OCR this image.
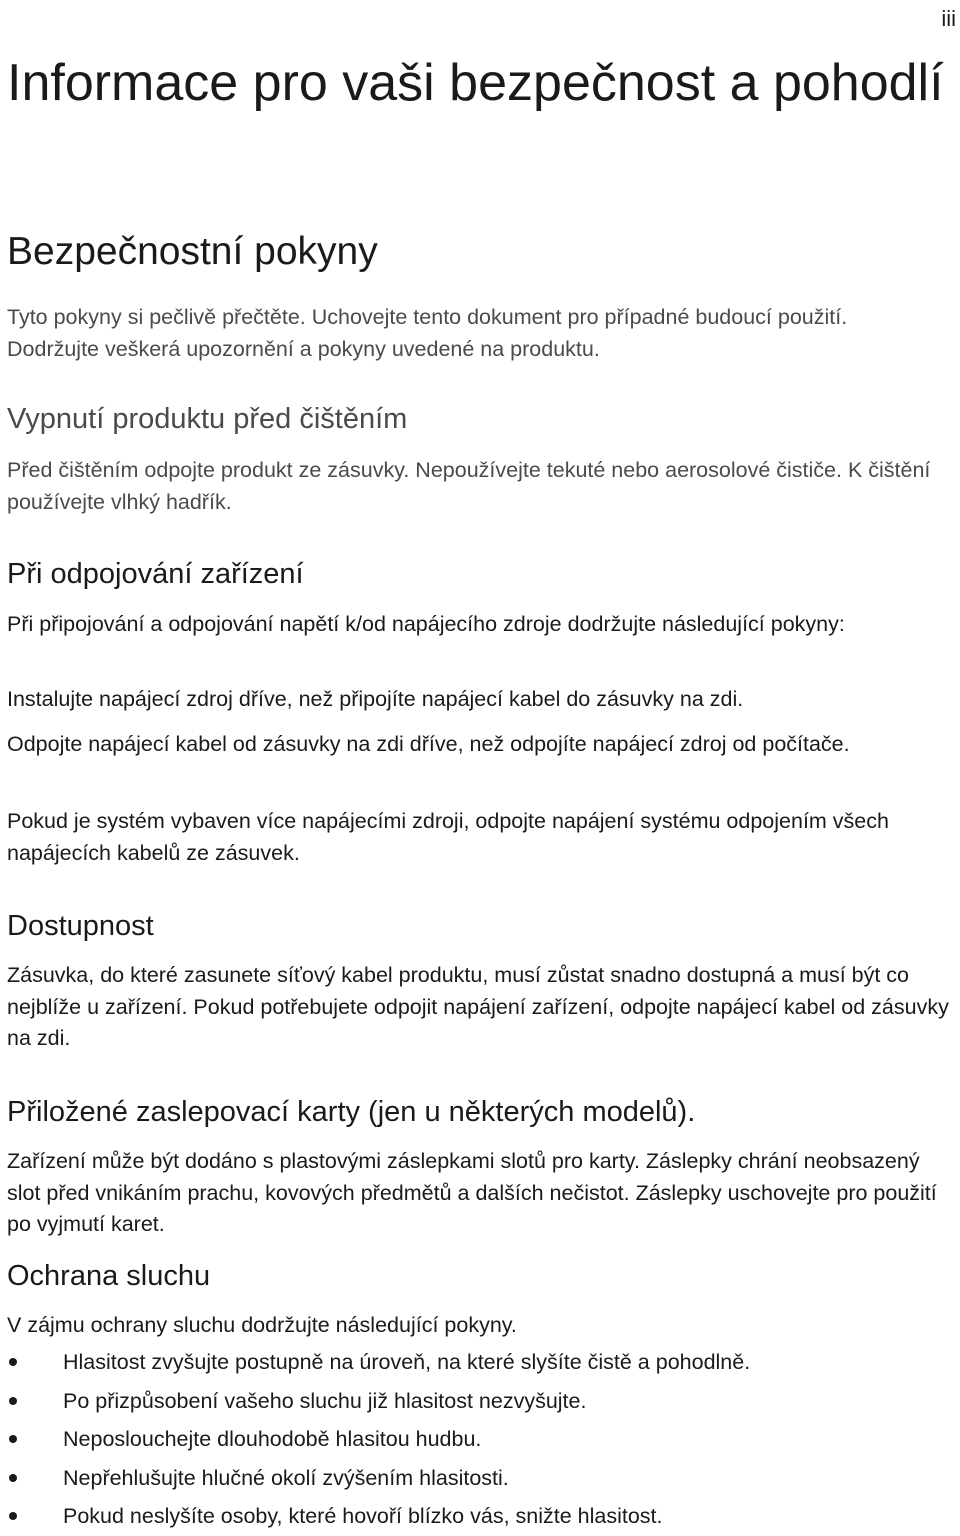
iii
Informace pro vaši bezpečnost a pohodlí
Bezpečnostní pokyny

Tyto pokyny si pečlivě přečtěte. Uchovejte tento dokument pro případné budoucí použití. Dodržujte veškerá upozornění a pokyny uvedené na produktu.

Vypnutí produktu před čištěním

Před čištěním odpojte produkt ze zásuvky. Nepoužívejte tekuté nebo aerosolové čističe. K čištění používejte vlhký hadřík.

Při odpojování zařízení

Při připojování a odpojování napětí k/od napájecího zdroje dodržujte následující pokyny:

Instalujte napájecí zdroj dříve, než připojíte napájecí kabel do zásuvky na zdi.

Odpojte napájecí kabel od zásuvky na zdi dříve, než odpojíte napájecí zdroj od počítače.

Pokud je systém vybaven více napájecími zdroji, odpojte napájení systému odpojením všech napájecích kabelů ze zásuvek.

Dostupnost

Zásuvka, do které zasunete síťový kabel produktu, musí zůstat snadno dostupná a musí být co nejblíže u zařízení. Pokud potřebujete odpojit napájení zařízení, odpojte napájecí kabel od zásuvky na zdi.

Přiložené zaslepovací karty (jen u některých modelů).

Zařízení může být dodáno s plastovými záslepkami slotů pro karty. Záslepky chrání neobsazený slot před vnikáním prachu, kovových předmětů a dalších nečistot. Záslepky uschovejte pro použití po vyjmutí karet.

Ochrana sluchu

V zájmu ochrany sluchu dodržujte následující pokyny.

Hlasitost zvyšujte postupně na úroveň, na které slyšíte čistě a pohodlně.
Po přizpůsobení vašeho sluchu již hlasitost nezvyšujte.
Neposlouchejte dlouhodobě hlasitou hudbu.
Nepřehlušujte hlučné okolí zvýšením hlasitosti.
Pokud neslyšíte osoby, které hovoří blízko vás, snižte hlasitost.
